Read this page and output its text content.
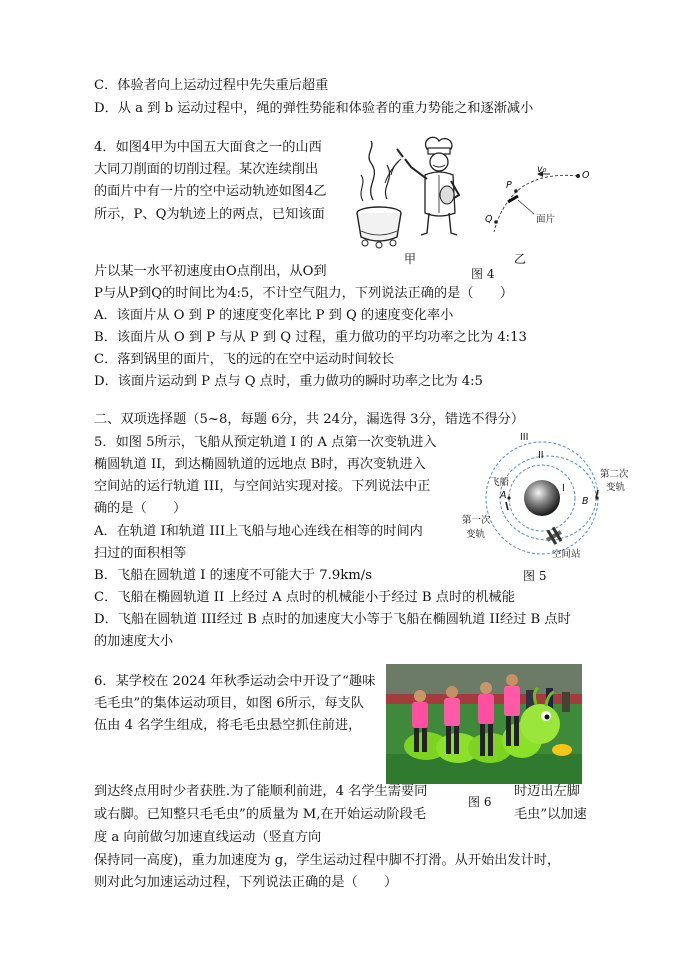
C．体验者向上运动过程中先失重后超重
D．从 a 到 b 运动过程中，绳的弹性势能和体验者的重力势能之和逐渐减小
4．如图4甲为中国五大面食之一的山西
大同刀削面的切削过程。某次连续削出
的面片中有一片的空中运动轨迹如图4乙
所示，P、Q为轨迹上的两点，已知该面
片以某一水平初速度由O点削出，从O到
P与从P到Q的时间比为4:5，不计空气阻力，下列说法正确的是（　　）
A．该面片从 O 到 P 的速度变化率比 P 到 Q 的速度变化率小
B．该面片从 O 到 P 与从 P 到 Q 过程，重力做功的平均功率之比为 4:13
C．落到锅里的面片，飞的远的在空中运动时间较长
D．该面片运动到 P 点与 Q 点时，重力做功的瞬时功率之比为 4:5
甲
v₀
O
P
Q	面片
乙
图 4
二、双项选择题（5~8，每题 6分，共 24分，漏选得 3分，错选不得分）
5．如图 5所示，飞船从预定轨道 I 的 A 点第一次变轨进入
椭圆轨道 II，到达椭圆轨道的远地点 B时，再次变轨进入
空间站的运行轨道 III，与空间站实现对接。下列说法中正
确的是（　　）
A．在轨道 I和轨道 III上飞船与地心连线在相等的时间内
扫过的面积相等
B．飞船在圆轨道 I 的速度不可能大于 7.9km/s
C．飞船在椭圆轨道 II 上经过 A 点时的机械能小于经过 B 点时的机械能
D．飞船在圆轨道 III经过 B 点时的加速度大小等于飞船在椭圆轨道 II经过 B 点时
的加速度大小
III
II
I
A
B
飞船
第二次
变轨
第一次
变轨
空间站
图 5
6．某学校在 2024 年秋季运动会中开设了“趣味
毛毛虫”的集体运动项目，如图 6所示，每支队
伍由 4 名学生组成，将毛毛虫悬空抓住前进，
到达终点用时少者获胜.为了能顺利前进，4 名学生需要同	时迈出左脚
或右脚。已知整只毛毛虫”的质量为 M,在开始运动阶段毛	毛虫”以加速
度 a 向前做匀加速直线运动（竖直方向
保持同一高度)，重力加速度为 g，学生运动过程中脚不打滑。从开始出发计时，
则对此匀加速运动过程，下列说法正确的是（　　）
图 6
